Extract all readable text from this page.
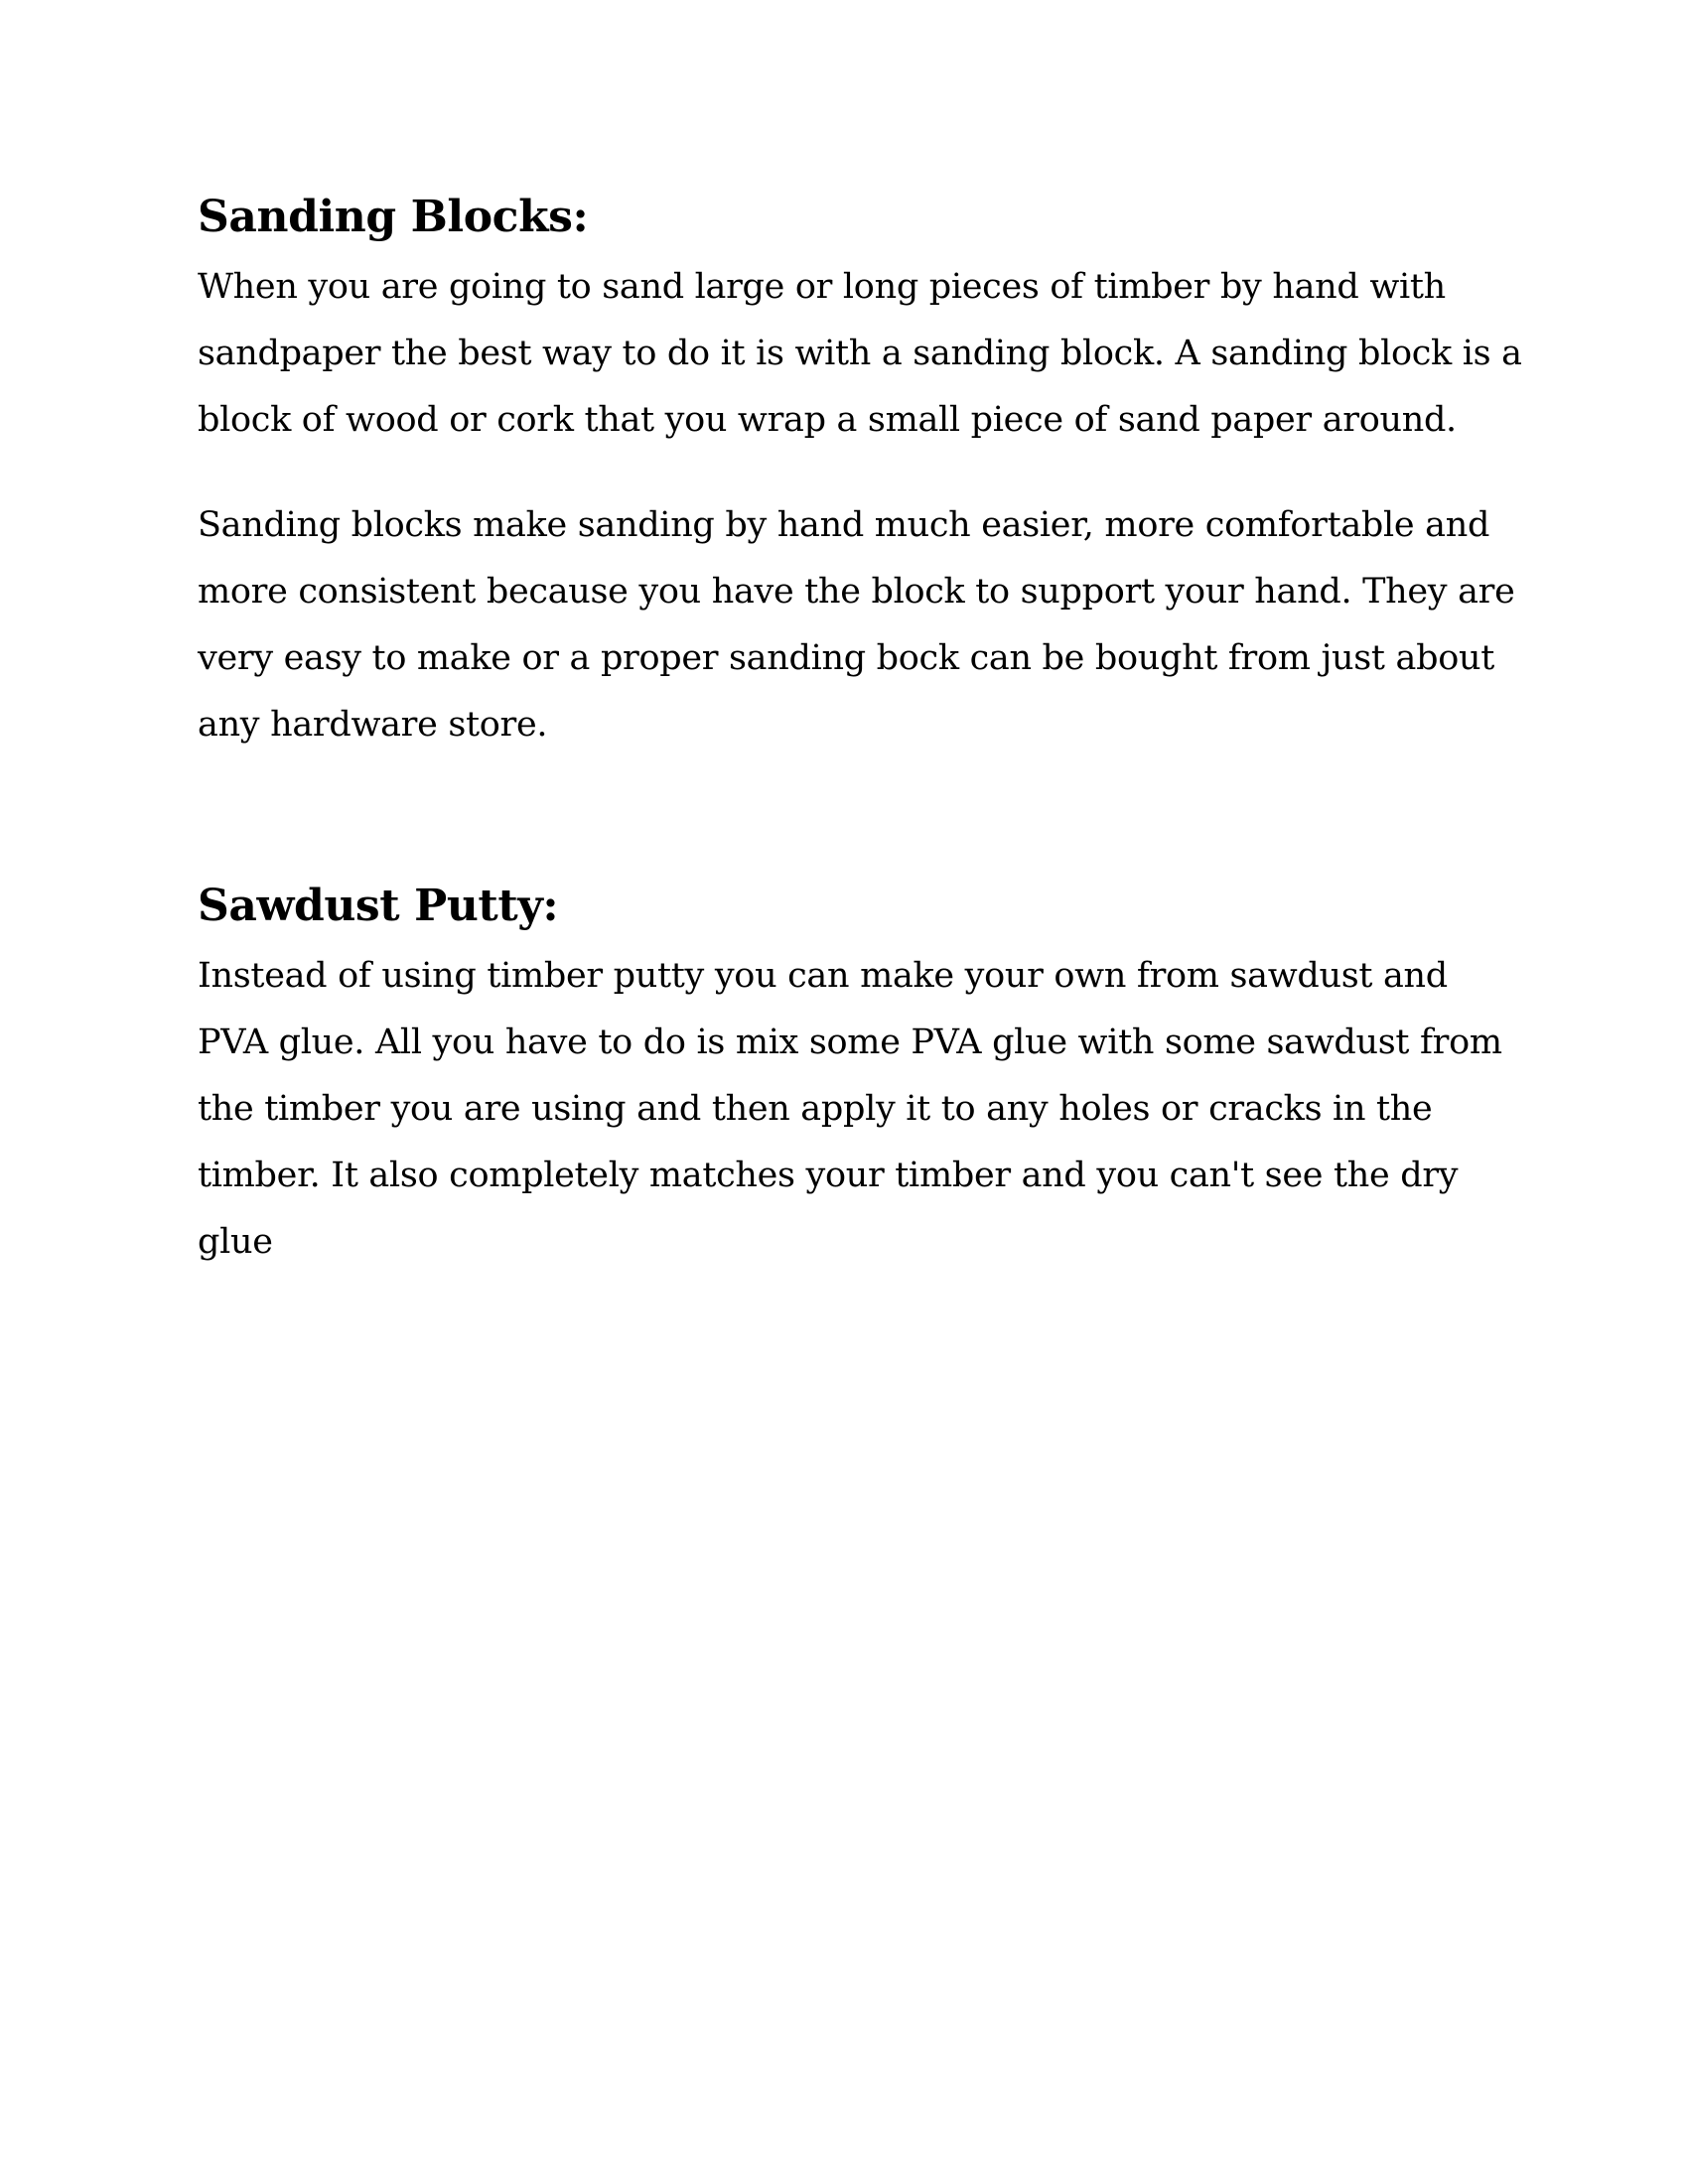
Sanding Blocks:

When you are going to sand large or long pieces of timber by hand with sandpaper the best way to do it is with a sanding block. A sanding block is a block of wood or cork that you wrap a small piece of sand paper around.

Sanding blocks make sanding by hand much easier, more comfortable and more consistent because you have the block to support your hand. They are very easy to make or a proper sanding bock can be bought from just about any hardware store.

Sawdust Putty:

Instead of using timber putty you can make your own from sawdust and PVA glue. All you have to do is mix some PVA glue with some sawdust from the timber you are using and then apply it to any holes or cracks in the timber. It also completely matches your timber and you can't see the dry glue
